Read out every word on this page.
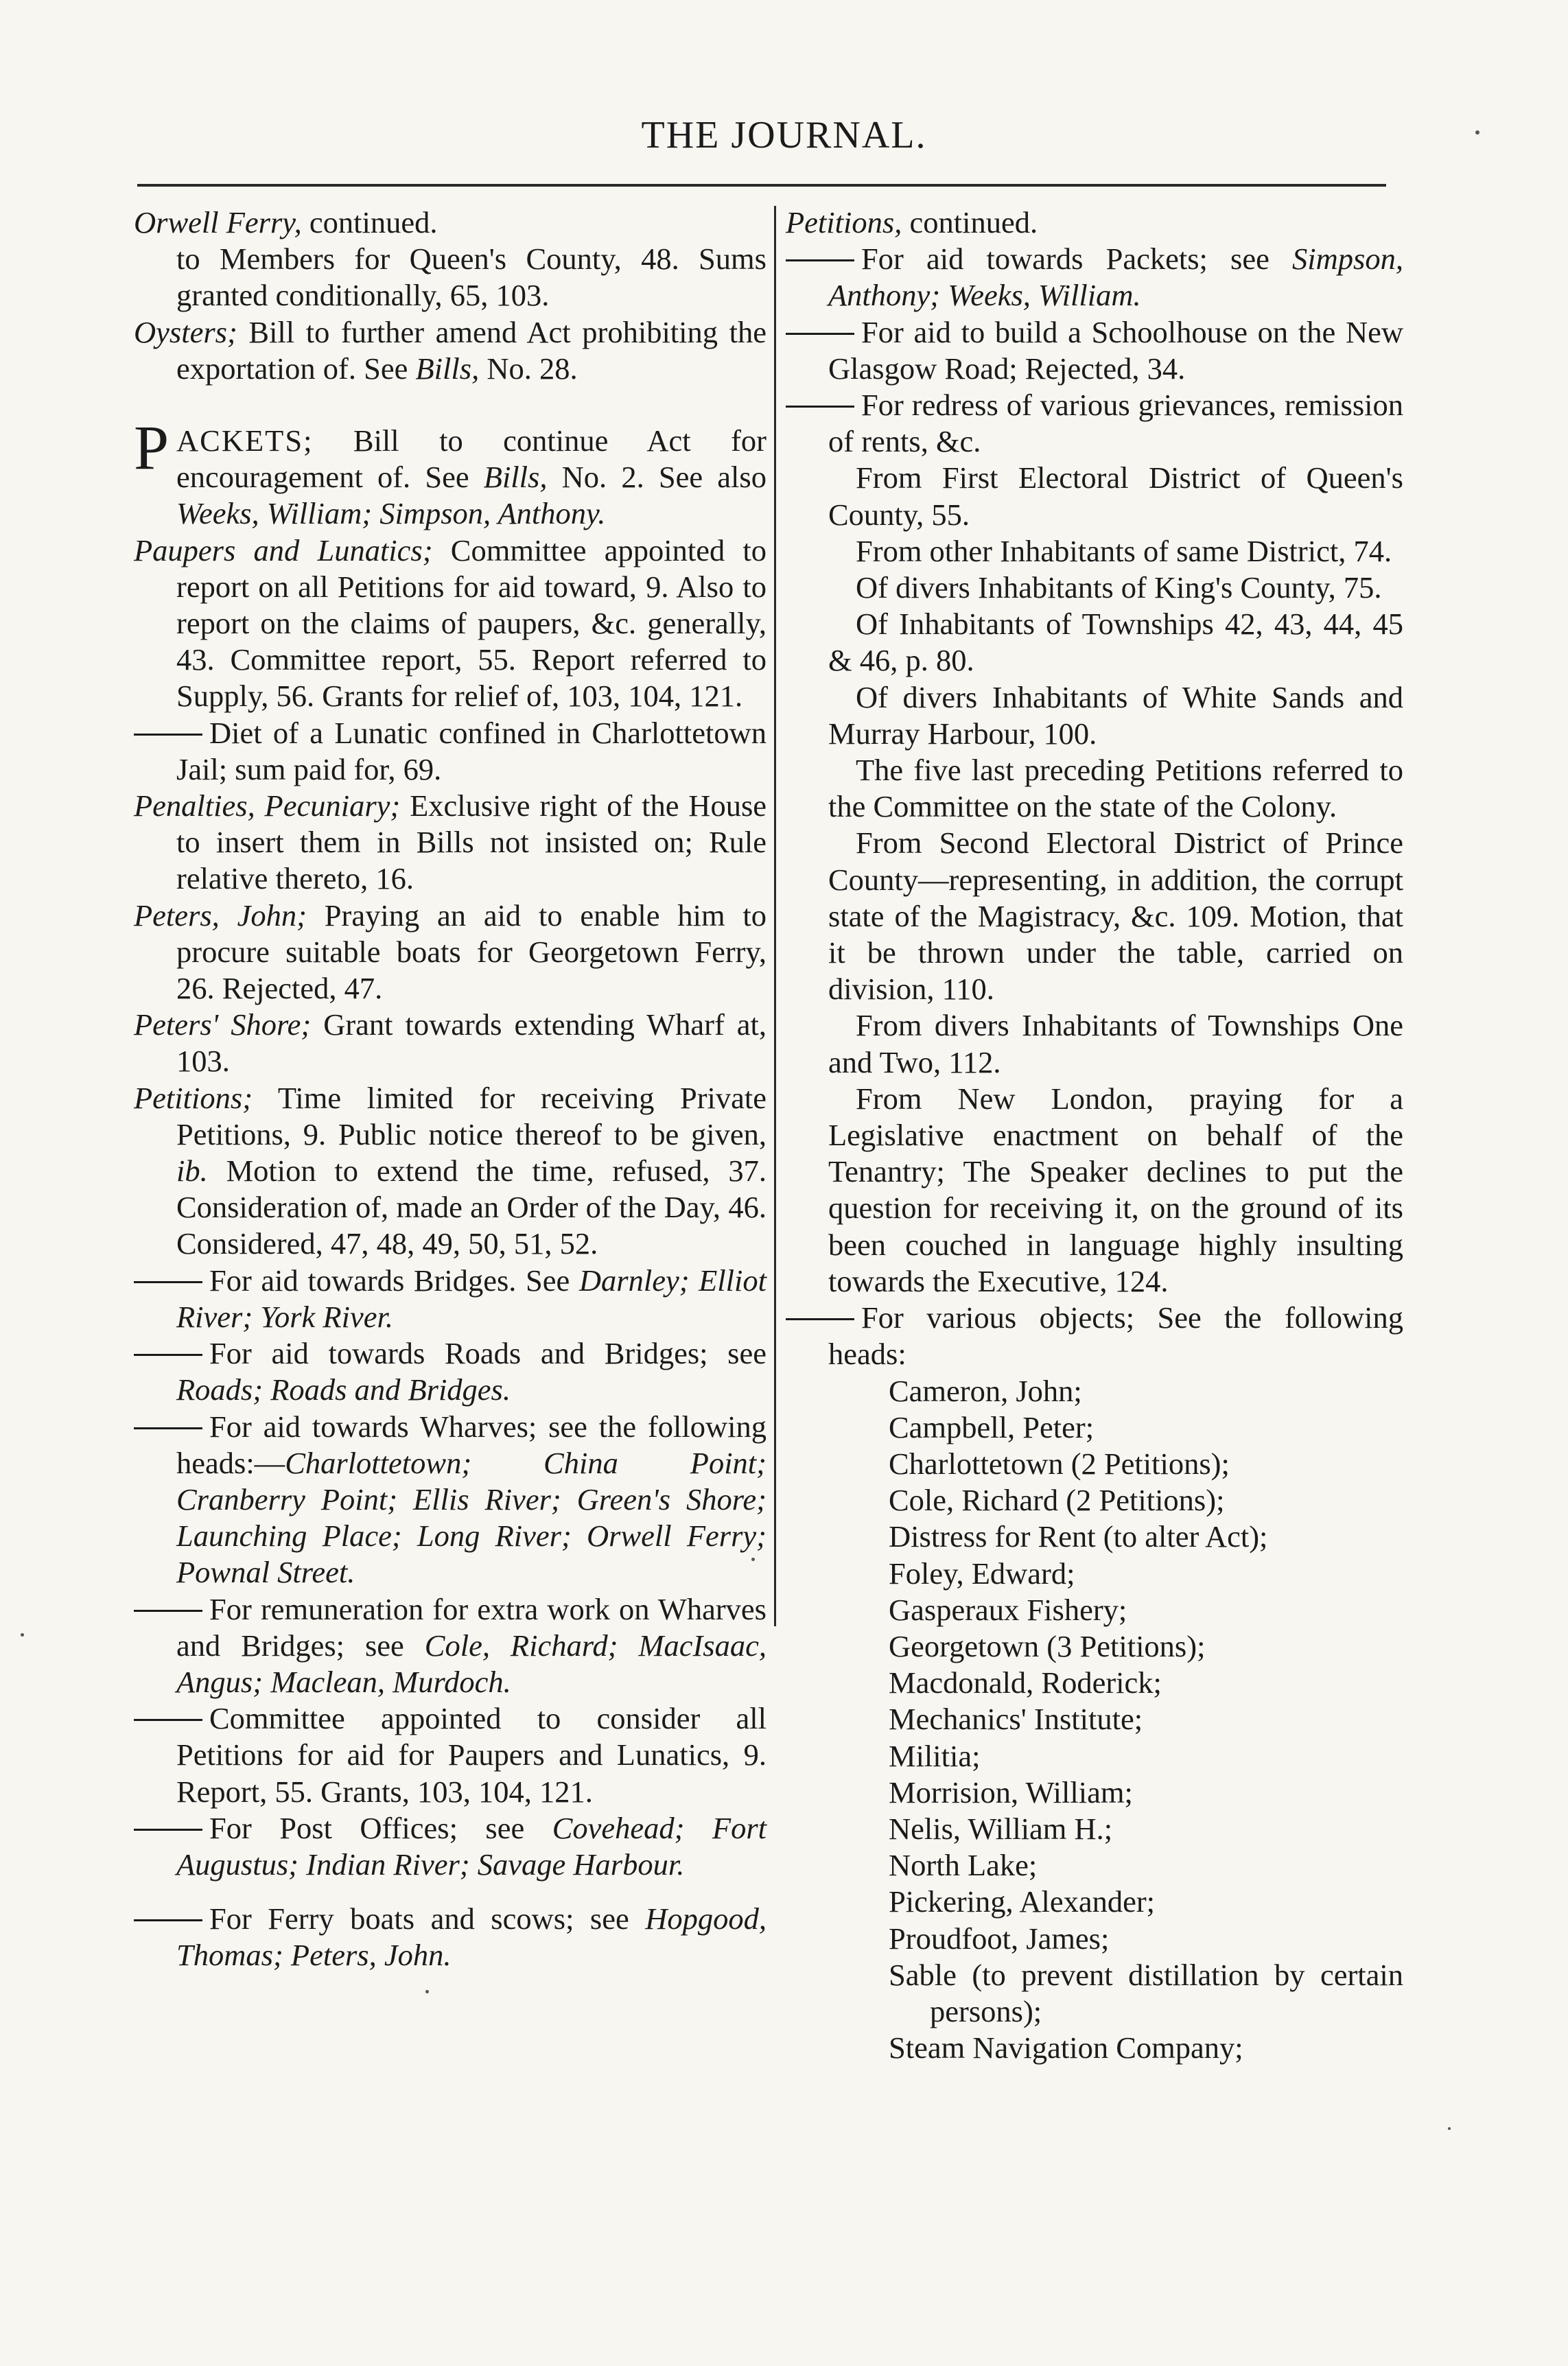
THE JOURNAL.

Orwell Ferry, continued.

to Members for Queen's County, 48. Sums granted conditionally, 65, 103.

Oysters; Bill to further amend Act prohibiting the exportation of. See Bills, No. 28.

PACKETS; Bill to continue Act for encouragement of. See Bills, No. 2. See also Weeks, William; Simpson, Anthony.

Paupers and Lunatics; Committee appointed to report on all Petitions for aid toward, 9. Also to report on the claims of paupers, &c. generally, 43. Committee report, 55. Report referred to Supply, 56. Grants for relief of, 103, 104, 121.

Diet of a Lunatic confined in Charlottetown Jail; sum paid for, 69.

Penalties, Pecuniary; Exclusive right of the House to insert them in Bills not insisted on; Rule relative thereto, 16.

Peters, John; Praying an aid to enable him to procure suitable boats for Georgetown Ferry, 26. Rejected, 47.

Peters' Shore; Grant towards extending Wharf at, 103.

Petitions; Time limited for receiving Private Petitions, 9. Public notice thereof to be given, ib. Motion to extend the time, refused, 37. Consideration of, made an Order of the Day, 46. Considered, 47, 48, 49, 50, 51, 52.

For aid towards Bridges. See Darnley; Elliot River; York River.

For aid towards Roads and Bridges; see Roads; Roads and Bridges.

For aid towards Wharves; see the following heads:—Charlottetown; China Point; Cranberry Point; Ellis River; Green's Shore; Launching Place; Long River; Orwell Ferry; Pownal Street.

For remuneration for extra work on Wharves and Bridges; see Cole, Richard; MacIsaac, Angus; Maclean, Murdoch.

Committee appointed to consider all Petitions for aid for Paupers and Lunatics, 9. Report, 55. Grants, 103, 104, 121.

For Post Offices; see Covehead; Fort Augustus; Indian River; Savage Harbour.

For Ferry boats and scows; see Hopgood, Thomas; Peters, John.

Petitions, continued.

For aid towards Packets; see Simpson, Anthony; Weeks, William.

For aid to build a Schoolhouse on the New Glasgow Road; Rejected, 34.

For redress of various grievances, remission of rents, &c.

From First Electoral District of Queen's County, 55.

From other Inhabitants of same District, 74.

Of divers Inhabitants of King's County, 75.

Of Inhabitants of Townships 42, 43, 44, 45 & 46, p. 80.

Of divers Inhabitants of White Sands and Murray Harbour, 100.

The five last preceding Petitions referred to the Committee on the state of the Colony.

From Second Electoral District of Prince County—representing, in addition, the corrupt state of the Magistracy, &c. 109. Motion, that it be thrown under the table, carried on division, 110.

From divers Inhabitants of Townships One and Two, 112.

From New London, praying for a Legislative enactment on behalf of the Tenantry; The Speaker declines to put the question for receiving it, on the ground of its been couched in language highly insulting towards the Executive, 124.

For various objects; See the following heads:

Cameron, John;
Campbell, Peter;
Charlottetown (2 Petitions);
Cole, Richard (2 Petitions);
Distress for Rent (to alter Act);
Foley, Edward;
Gasperaux Fishery;
Georgetown (3 Petitions);
Macdonald, Roderick;
Mechanics' Institute;
Militia;
Morrision, William;
Nelis, William H.;
North Lake;
Pickering, Alexander;
Proudfoot, James;
Sable (to prevent distillation by certain persons);
Steam Navigation Company;
